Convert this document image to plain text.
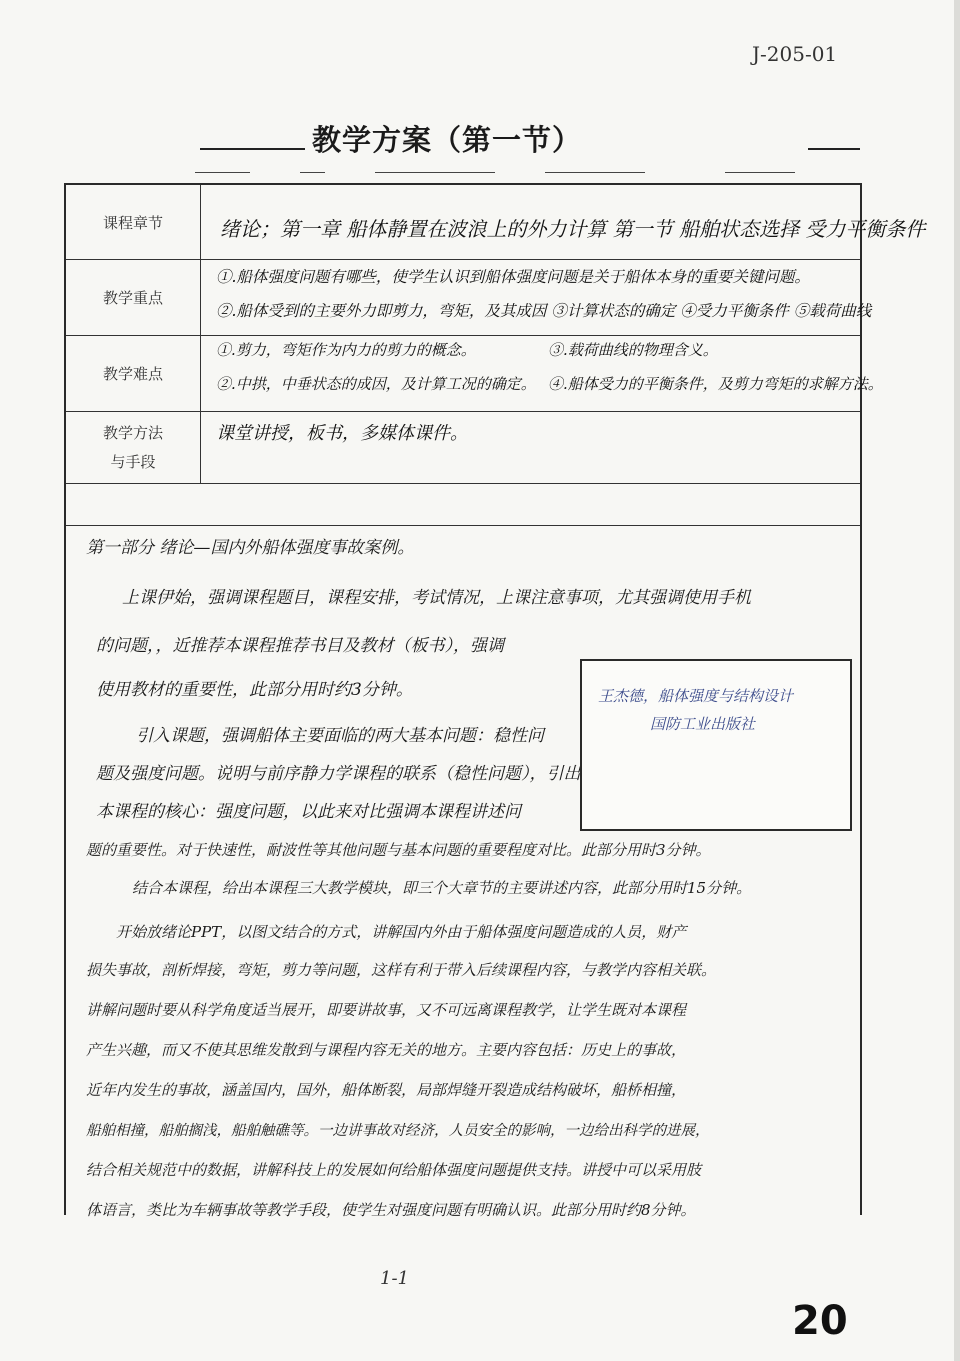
J-205-01
教学方案（第一节）
课程章节	绪论；第一章 船体静置在波浪上的外力计算 第一节 船舶状态选择 受力平衡条件
教学重点
①.船体强度问题有哪些，使学生认识到船体强度问题是关于船体本身的重要关键问题。
②.船体受到的主要外力即剪力，弯矩，及其成因 ③计算状态的确定 ④受力平衡条件 ⑤载荷曲线
教学难点
①.剪力，弯矩作为内力的剪力的概念。	③.载荷曲线的物理含义。
②.中拱，中垂状态的成因，及计算工况的确定。 ④.船体受力的平衡条件，及剪力弯矩的求解方法。
教学方法
与手段
课堂讲授，板书，多媒体课件。
第一部分 绪论—国内外船体强度事故案例。
上课伊始，强调课程题目，课程安排，考试情况，上课注意事项，尤其强调使用手机
的问题，，近推荐本课程推荐书目及教材（板书），强调
使用教材的重要性，此部分用时约3分钟。
引入课题，强调船体主要面临的两大基本问题：稳性问
题及强度问题。说明与前序静力学课程的联系（稳性问题），引出
本课程的核心：强度问题，以此来对比强调本课程讲述问
题的重要性。对于快速性，耐波性等其他问题与基本问题的重要程度对比。此部分用时3分钟。
结合本课程，给出本课程三大教学模块，即三个大章节的主要讲述内容，此部分用时15分钟。
开始放绪论PPT，以图文结合的方式，讲解国内外由于船体强度问题造成的人员，财产
损失事故，剖析焊接，弯矩，剪力等问题，这样有利于带入后续课程内容，与教学内容相关联。
讲解问题时要从科学角度适当展开，即要讲故事，又不可远离课程教学，让学生既对本课程
产生兴趣，而又不使其思维发散到与课程内容无关的地方。主要内容包括：历史上的事故，
近年内发生的事故，涵盖国内，国外，船体断裂，局部焊缝开裂造成结构破坏，船桥相撞，
船舶相撞，船舶搁浅，船舶触礁等。一边讲事故对经济，人员安全的影响，一边给出科学的进展，
结合相关规范中的数据，讲解科技上的发展如何给船体强度问题提供支持。讲授中可以采用肢
体语言，类比为车辆事故等教学手段，使学生对强度问题有明确认识。此部分用时约8分钟。
王杰德，船体强度与结构设计
国防工业出版社
1-1
20
